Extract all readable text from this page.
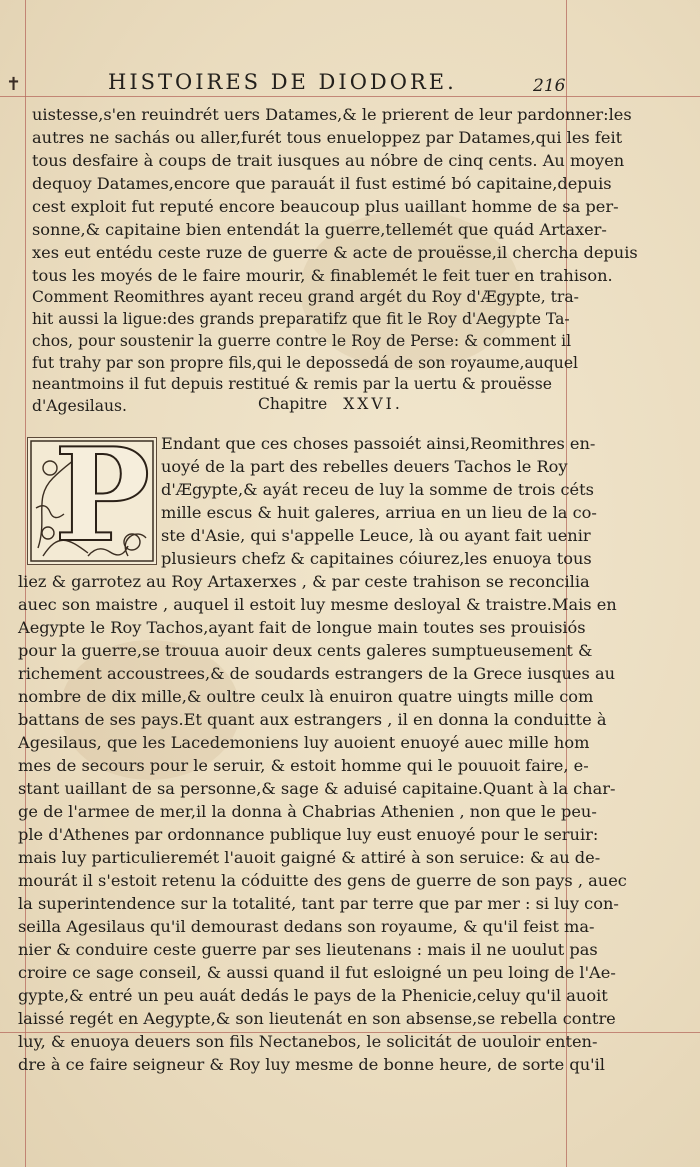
✝	HISTOIRES DE DIODORE.	216
uistesse,s'en reuindrét uers Datames,& le prierent de leur pardonner:les
autres ne sachás ou aller,furét tous enueloppez par Datames,qui les feit
tous desfaire à coups de trait iusques au nóbre de cinq cents. Au moyen
dequoy Datames,encore que parauát il fust estimé bó capitaine,depuis
cest exploit fut reputé encore beaucoup plus uaillant homme de sa per-
sonne,& capitaine bien entendát la guerre,tellemét que quád Artaxer-
xes eut entédu ceste ruze de guerre & acte de prouësse,il chercha depuis
tous les moyés de le faire mourir, & finablemét le feit tuer en trahison.
Comment Reomithres ayant receu grand argét du Roy d'Ægypte, tra-
hit aussi la ligue:des grands preparatifz que fit le Roy d'Aegypte Ta-
chos, pour soustenir la guerre contre le Roy de Perse: & comment il
fut trahy par son propre fils,qui le depossedá de son royaume,auquel
neantmoins il fut depuis restitué & remis par la uertu & prouësse
d'Agesilaus.	Chapitre XXVI.
P Endant que ces choses passoiét ainsi,Reomithres en-
uoyé de la part des rebelles deuers Tachos le Roy
d'Ægypte,& ayát receu de luy la somme de trois céts
mille escus & huit galeres, arriua en un lieu de la co-
ste d'Asie, qui s'appelle Leuce, là ou ayant fait uenir
plusieurs chefz & capitaines cóiurez,les enuoya tous
liez & garrotez au Roy Artaxerxes , & par ceste trahison se reconcilia
auec son maistre , auquel il estoit luy mesme desloyal & traistre.Mais en
Aegypte le Roy Tachos,ayant fait de longue main toutes ses prouisiós
pour la guerre,se trouua auoir deux cents galeres sumptueusement &
richement accoustrees,& de soudards estrangers de la Grece iusques au
nombre de dix mille,& oultre ceulx là enuiron quatre uingts mille com
battans de ses pays.Et quant aux estrangers , il en donna la conduitte à
Agesilaus, que les Lacedemoniens luy auoient enuoyé auec mille hom
mes de secours pour le seruir, & estoit homme qui le pouuoit faire, e-
stant uaillant de sa personne,& sage & aduisé capitaine.Quant à la char-
ge de l'armee de mer,il la donna à Chabrias Athenien , non que le peu-
ple d'Athenes par ordonnance publique luy eust enuoyé pour le seruir:
mais luy particulieremét l'auoit gaigné & attiré à son seruice: & au de-
mourát il s'estoit retenu la códuitte des gens de guerre de son pays , auec
la superintendence sur la totalité, tant par terre que par mer : si luy con-
seilla Agesilaus qu'il demourast dedans son royaume, & qu'il feist ma-
nier & conduire ceste guerre par ses lieutenans : mais il ne uoulut pas
croire ce sage conseil, & aussi quand il fut esloigné un peu loing de l'Ae-
gypte,& entré un peu auát dedás le pays de la Phenicie,celuy qu'il auoit
laissé regét en Aegypte,& son lieutenát en son absense,se rebella contre
luy, & enuoya deuers son fils Nectanebos, le solicitát de uouloir enten-
dre à ce faire seigneur & Roy luy mesme de bonne heure, de sorte qu'il
